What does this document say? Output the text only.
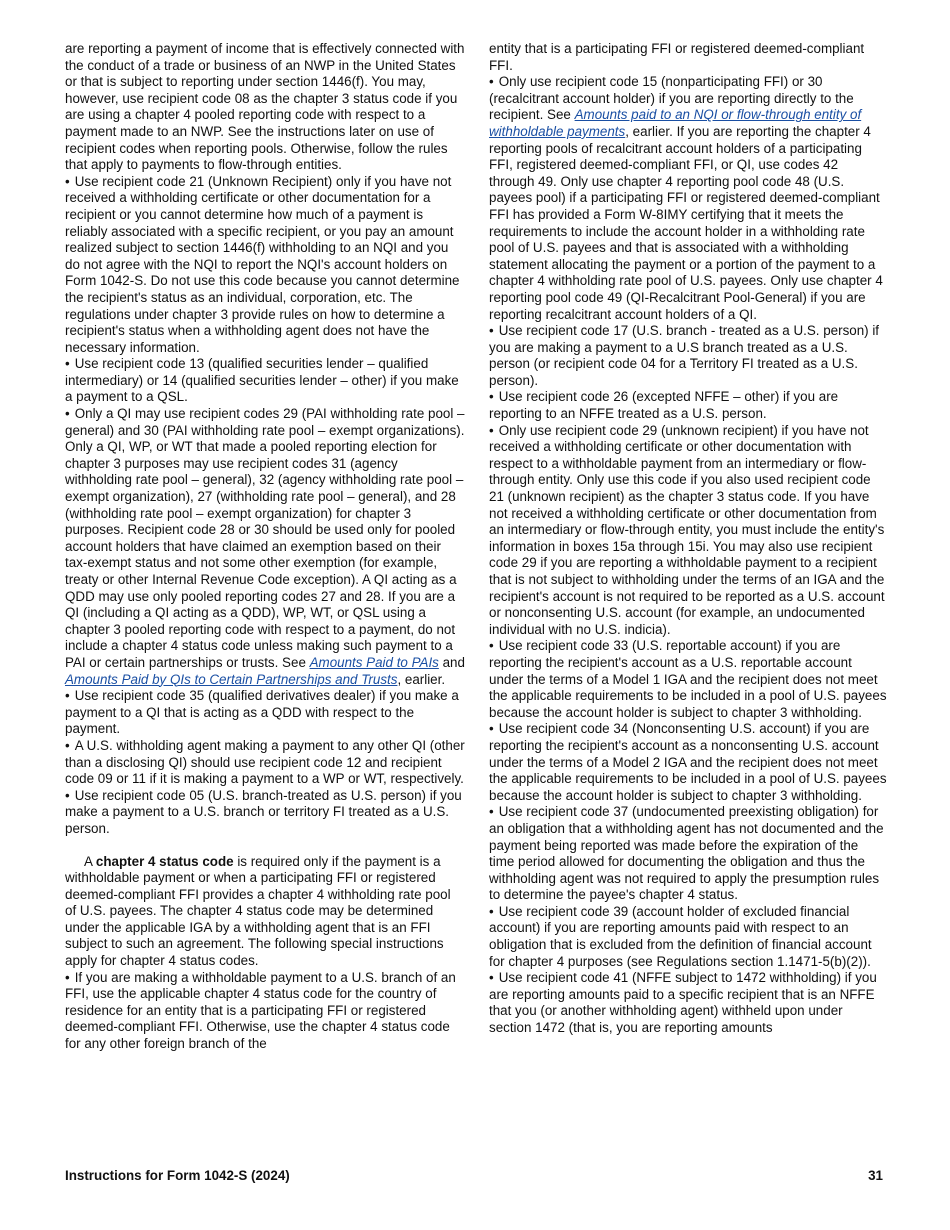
are reporting a payment of income that is effectively connected with the conduct of a trade or business of an NWP in the United States or that is subject to reporting under section 1446(f). You may, however, use recipient code 08 as the chapter 3 status code if you are using a chapter 4 pooled reporting code with respect to a payment made to an NWP. See the instructions later on use of recipient codes when reporting pools. Otherwise, follow the rules that apply to payments to flow-through entities.

• Use recipient code 21 (Unknown Recipient) only if you have not received a withholding certificate or other documentation for a recipient or you cannot determine how much of a payment is reliably associated with a specific recipient, or you pay an amount realized subject to section 1446(f) withholding to an NQI and you do not agree with the NQI to report the NQI's account holders on Form 1042-S. Do not use this code because you cannot determine the recipient's status as an individual, corporation, etc. The regulations under chapter 3 provide rules on how to determine a recipient's status when a withholding agent does not have the necessary information.

• Use recipient code 13 (qualified securities lender – qualified intermediary) or 14 (qualified securities lender – other) if you make a payment to a QSL.

• Only a QI may use recipient codes 29 (PAI withholding rate pool – general) and 30 (PAI withholding rate pool – exempt organizations). Only a QI, WP, or WT that made a pooled reporting election for chapter 3 purposes may use recipient codes 31 (agency withholding rate pool – general), 32 (agency withholding rate pool – exempt organization), 27 (withholding rate pool – general), and 28 (withholding rate pool – exempt organization) for chapter 3 purposes. Recipient code 28 or 30 should be used only for pooled account holders that have claimed an exemption based on their tax-exempt status and not some other exemption (for example, treaty or other Internal Revenue Code exception). A QI acting as a QDD may use only pooled reporting codes 27 and 28. If you are a QI (including a QI acting as a QDD), WP, WT, or QSL using a chapter 3 pooled reporting code with respect to a payment, do not include a chapter 4 status code unless making such payment to a PAI or certain partnerships or trusts. See Amounts Paid to PAIs and Amounts Paid by QIs to Certain Partnerships and Trusts, earlier.

• Use recipient code 35 (qualified derivatives dealer) if you make a payment to a QI that is acting as a QDD with respect to the payment.

• A U.S. withholding agent making a payment to any other QI (other than a disclosing QI) should use recipient code 12 and recipient code 09 or 11 if it is making a payment to a WP or WT, respectively.

• Use recipient code 05 (U.S. branch-treated as U.S. person) if you make a payment to a U.S. branch or territory FI treated as a U.S. person.

A chapter 4 status code is required only if the payment is a withholdable payment or when a participating FFI or registered deemed-compliant FFI provides a chapter 4 withholding rate pool of U.S. payees. The chapter 4 status code may be determined under the applicable IGA by a withholding agent that is an FFI subject to such an agreement. The following special instructions apply for chapter 4 status codes.

• If you are making a withholdable payment to a U.S. branch of an FFI, use the applicable chapter 4 status code for the country of residence for an entity that is a participating FFI or registered deemed-compliant FFI. Otherwise, use the chapter 4 status code for any other foreign branch of the

entity that is a participating FFI or registered deemed-compliant FFI.

• Only use recipient code 15 (nonparticipating FFI) or 30 (recalcitrant account holder) if you are reporting directly to the recipient. See Amounts paid to an NQI or flow-through entity of withholdable payments, earlier. If you are reporting the chapter 4 reporting pools of recalcitrant account holders of a participating FFI, registered deemed-compliant FFI, or QI, use codes 42 through 49. Only use chapter 4 reporting pool code 48 (U.S. payees pool) if a participating FFI or registered deemed-compliant FFI has provided a Form W-8IMY certifying that it meets the requirements to include the account holder in a withholding rate pool of U.S. payees and that is associated with a withholding statement allocating the payment or a portion of the payment to a chapter 4 withholding rate pool of U.S. payees. Only use chapter 4 reporting pool code 49 (QI-Recalcitrant Pool-General) if you are reporting recalcitrant account holders of a QI.

• Use recipient code 17 (U.S. branch - treated as a U.S. person) if you are making a payment to a U.S branch treated as a U.S. person (or recipient code 04 for a Territory FI treated as a U.S. person).

• Use recipient code 26 (excepted NFFE – other) if you are reporting to an NFFE treated as a U.S. person.

• Only use recipient code 29 (unknown recipient) if you have not received a withholding certificate or other documentation with respect to a withholdable payment from an intermediary or flow-through entity. Only use this code if you also used recipient code 21 (unknown recipient) as the chapter 3 status code. If you have not received a withholding certificate or other documentation from an intermediary or flow-through entity, you must include the entity's information in boxes 15a through 15i. You may also use recipient code 29 if you are reporting a withholdable payment to a recipient that is not subject to withholding under the terms of an IGA and the recipient's account is not required to be reported as a U.S. account or nonconsenting U.S. account (for example, an undocumented individual with no U.S. indicia).

• Use recipient code 33 (U.S. reportable account) if you are reporting the recipient's account as a U.S. reportable account under the terms of a Model 1 IGA and the recipient does not meet the applicable requirements to be included in a pool of U.S. payees because the account holder is subject to chapter 3 withholding.

• Use recipient code 34 (Nonconsenting U.S. account) if you are reporting the recipient's account as a nonconsenting U.S. account under the terms of a Model 2 IGA and the recipient does not meet the applicable requirements to be included in a pool of U.S. payees because the account holder is subject to chapter 3 withholding.

• Use recipient code 37 (undocumented preexisting obligation) for an obligation that a withholding agent has not documented and the payment being reported was made before the expiration of the time period allowed for documenting the obligation and thus the withholding agent was not required to apply the presumption rules to determine the payee's chapter 4 status.

• Use recipient code 39 (account holder of excluded financial account) if you are reporting amounts paid with respect to an obligation that is excluded from the definition of financial account for chapter 4 purposes (see Regulations section 1.1471-5(b)(2)).

• Use recipient code 41 (NFFE subject to 1472 withholding) if you are reporting amounts paid to a specific recipient that is an NFFE that you (or another withholding agent) withheld upon under section 1472 (that is, you are reporting amounts

Instructions for Form 1042-S (2024)	31
